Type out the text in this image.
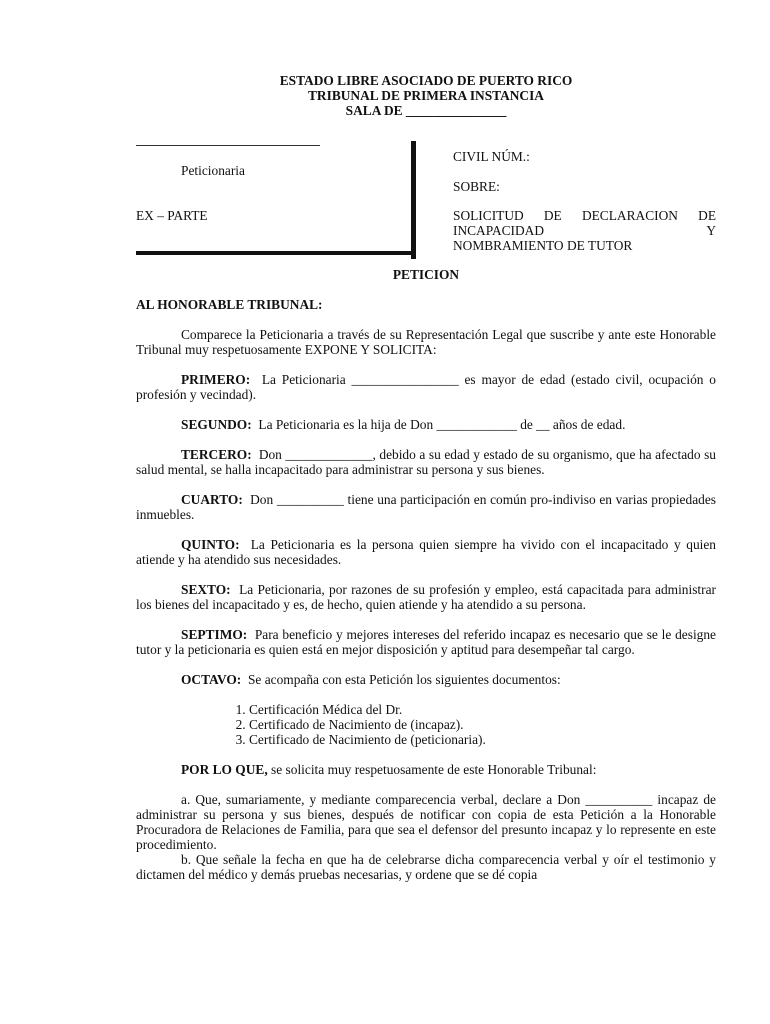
ESTADO LIBRE ASOCIADO DE PUERTO RICO
TRIBUNAL DE PRIMERA INSTANCIA
SALA DE _______________
Peticionaria
EX – PARTE
CIVIL NÚM.:
SOBRE:
SOLICITUD DE DECLARACION DE INCAPACIDAD Y
NOMBRAMIENTO DE TUTOR
PETICION
AL HONORABLE TRIBUNAL:
Comparece la Peticionaria a través de su Representación Legal que suscribe y ante este Honorable Tribunal muy respetuosamente EXPONE Y SOLICITA:
PRIMERO: La Peticionaria ________________ es mayor de edad (estado civil, ocupación o profesión y vecindad).
SEGUNDO: La Peticionaria es la hija de Don ____________ de __ años de edad.
TERCERO: Don _____________, debido a su edad y estado de su organismo, que ha afectado su salud mental, se halla incapacitado para administrar su persona y sus bienes.
CUARTO: Don __________ tiene una participación en común pro-indiviso en varias propiedades inmuebles.
QUINTO: La Peticionaria es la persona quien siempre ha vivido con el incapacitado y quien atiende y ha atendido sus necesidades.
SEXTO: La Peticionaria, por razones de su profesión y empleo, está capacitada para administrar los bienes del incapacitado y es, de hecho, quien atiende y ha atendido a su persona.
SEPTIMO: Para beneficio y mejores intereses del referido incapaz es necesario que se le designe tutor y la peticionaria es quien está en mejor disposición y aptitud para desempeñar tal cargo.
OCTAVO: Se acompaña con esta Petición los siguientes documentos:
1. Certificación Médica del Dr.
2. Certificado de Nacimiento de (incapaz).
3. Certificado de Nacimiento de (peticionaria).
POR LO QUE, se solicita muy respetuosamente de este Honorable Tribunal:
a. Que, sumariamente, y mediante comparecencia verbal, declare a Don __________ incapaz de administrar su persona y sus bienes, después de notificar con copia de esta Petición a la Honorable Procuradora de Relaciones de Familia, para que sea el defensor del presunto incapaz y lo represente en este procedimiento.
b. Que señale la fecha en que ha de celebrarse dicha comparecencia verbal y oír el testimonio y dictamen del médico y demás pruebas necesarias, y ordene que se dé copia
